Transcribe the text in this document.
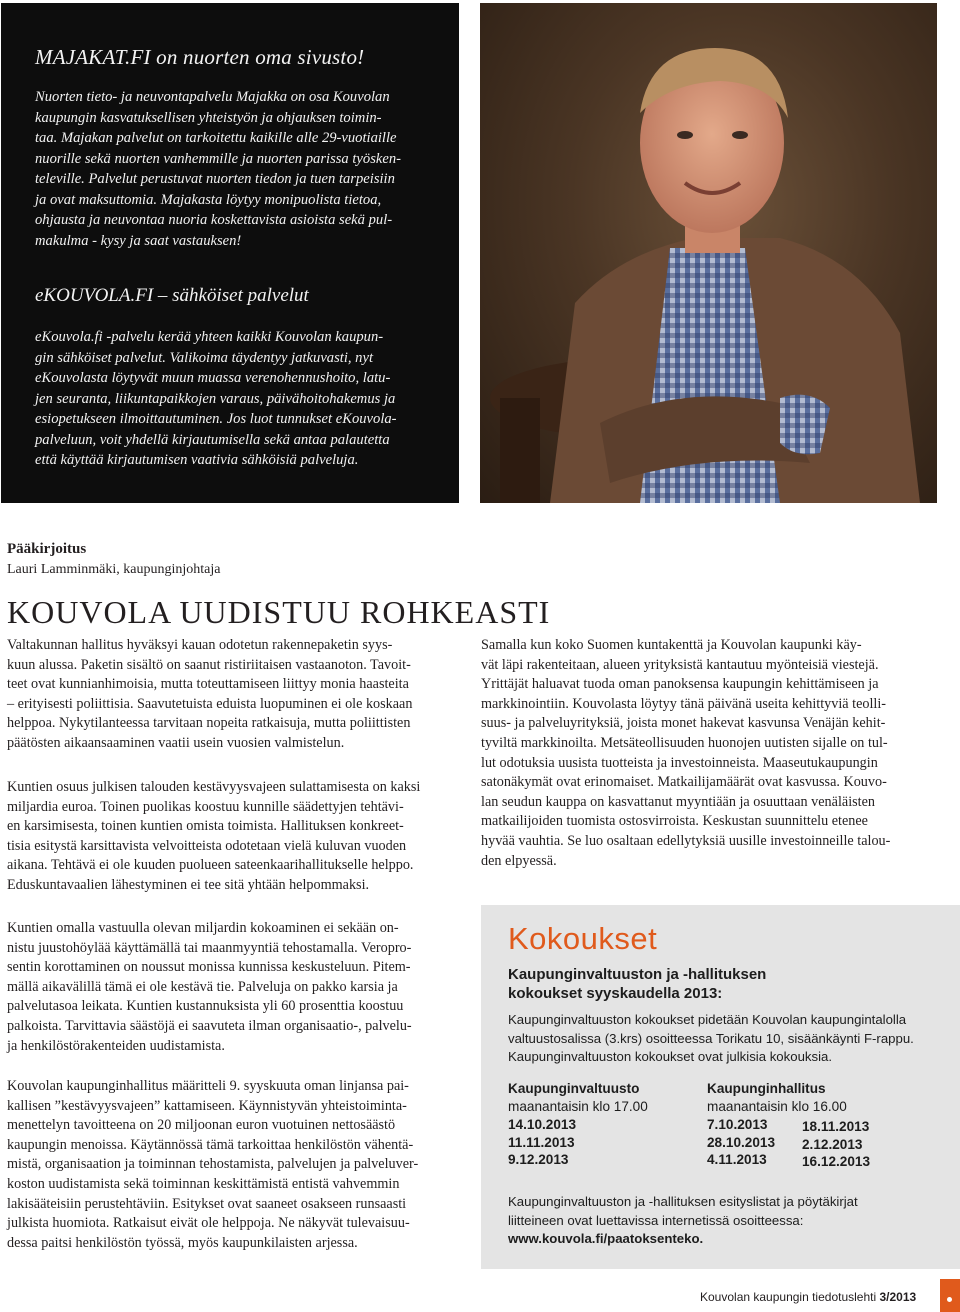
MAJAKAT.FI on nuorten oma sivusto!
Nuorten tieto- ja neuvontapalvelu Majakka on osa Kouvolan
kaupungin kasvatuksellisen yhteistyön ja ohjauksen toimin-
taa. Majakan palvelut on tarkoitettu kaikille alle 29-vuotiaille
nuorille sekä nuorten vanhemmille ja nuorten parissa työsken-
televille. Palvelut perustuvat nuorten tiedon ja tuen tarpeisiin
ja ovat maksuttomia. Majakasta löytyy monipuolista tietoa,
ohjausta ja neuvontaa nuoria koskettavista asioista sekä pul-
makulma - kysy ja saat vastauksen!
eKOUVOLA.FI – sähköiset palvelut
eKouvola.fi -palvelu kerää yhteen kaikki Kouvolan kaupun-
gin sähköiset palvelut. Valikoima täydentyy jatkuvasti, nyt
eKouvolasta löytyvät muun muassa verenohennushoito, latu-
jen seuranta, liikuntapaikkojen varaus, päivähoitohakemus ja
esiopetukseen ilmoittautuminen. Jos luot tunnukset eKouvola-
palveluun, voit yhdellä kirjautumisella sekä antaa palautetta
että käyttää kirjautumisen vaativia sähköisiä palveluja.
Pääkirjoitus
Lauri Lamminmäki, kaupunginjohtaja
KOUVOLA UUDISTUU ROHKEASTI
Valtakunnan hallitus hyväksyi kauan odotetun rakennepaketin syys-
kuun alussa. Paketin sisältö on saanut ristiriitaisen vastaanoton. Tavoit-
teet ovat kunnianhimoisia, mutta toteuttamiseen liittyy monia haasteita
– erityisesti poliittisia. Saavutetuista eduista luopuminen ei ole koskaan
helppoa. Nykytilanteessa tarvitaan nopeita ratkaisuja, mutta poliittisten
päätösten aikaansaaminen vaatii usein vuosien valmistelun.
Kuntien osuus julkisen talouden kestävyysvajeen sulattamisesta on kaksi
miljardia euroa. Toinen puolikas koostuu kunnille säädettyjen tehtävi-
en karsimisesta, toinen kuntien omista toimista. Hallituksen konkreet-
tisia esitystä karsittavista velvoitteista odotetaan vielä kuluvan vuoden
aikana. Tehtävä ei ole kuuden puolueen sateenkaarihallitukselle helppo.
Eduskuntavaalien lähestyminen ei tee sitä yhtään helpommaksi.
Kuntien omalla vastuulla olevan miljardin kokoaminen ei sekään on-
nistu juustohöylää käyttämällä tai maanmyyntiä tehostamalla. Veropro-
sentin korottaminen on noussut monissa kunnissa keskusteluun. Pitem-
mällä aikavälillä tämä ei ole kestävä tie. Palveluja on pakko karsia ja
palvelutasoa leikata. Kuntien kustannuksista yli 60 prosenttia koostuu
palkoista. Tarvittavia säästöjä ei saavuteta ilman organisaatio-, palvelu-
ja henkilöstörakenteiden uudistamista.
Kouvolan kaupunginhallitus määritteli 9. syyskuuta oman linjansa pai-
kallisen ”kestävyysvajeen” kattamiseen. Käynnistyvän yhteistoiminta-
menettelyn tavoitteena on 20 miljoonan euron vuotuinen nettosäästö
kaupungin menoissa. Käytännössä tämä tarkoittaa henkilöstön vähentä-
mistä, organisaation ja toiminnan tehostamista, palvelujen ja palveluver-
koston uudistamista sekä toiminnan keskittämistä entistä vahvemmin
lakisääteisiin perustehtäviin. Esitykset ovat saaneet osakseen runsaasti
julkista huomiota. Ratkaisut eivät ole helppoja. Ne näkyvät tulevaisuu-
dessa paitsi henkilöstön työssä, myös kaupunkilaisten arjessa.
Samalla kun koko Suomen kuntakenttä ja Kouvolan kaupunki käy-
vät läpi rakenteitaan, alueen yrityksistä kantautuu myönteisiä viestejä.
Yrittäjät haluavat tuoda oman panoksensa kaupungin kehittämiseen ja
markkinointiin. Kouvolasta löytyy tänä päivänä useita kehittyviä teolli-
suus- ja palveluyrityksiä, joista monet hakevat kasvunsa Venäjän kehit-
tyviltä markkinoilta. Metsäteollisuuden huonojen uutisten sijalle on tul-
lut odotuksia uusista tuotteista ja investoinneista. Maaseutukaupungin
satonäkymät ovat erinomaiset. Matkailijamäärät ovat kasvussa. Kouvo-
lan seudun kauppa on kasvattanut myyntiään ja osuuttaan venäläisten
matkailijoiden tuomista ostosvirroista. Keskustan suunnittelu etenee
hyvää vauhtia. Se luo osaltaan edellytyksiä uusille investoinneille talou-
den elpyessä.
Kokoukset
Kaupunginvaltuuston ja -hallituksen
kokoukset syyskaudella 2013:
Kaupunginvaltuuston kokoukset pidetään Kouvolan kaupungintalolla
valtuustosalissa (3.krs) osoitteessa Torikatu 10, sisäänkäynti F-rappu.
Kaupunginvaltuuston kokoukset ovat julkisia kokouksia.
Kaupunginvaltuusto
maanantaisin klo 17.00
14.10.2013
11.11.2013
9.12.2013
Kaupunginhallitus
maanantaisin klo 16.00
7.10.2013
28.10.2013
4.11.2013
18.11.2013
2.12.2013
16.12.2013
Kaupunginvaltuuston ja -hallituksen esityslistat ja pöytäkirjat
liitteineen ovat luettavissa internetissä osoitteessa:
www.kouvola.fi/paatoksenteko.
Kouvolan kaupungin tiedotuslehti 3/2013
